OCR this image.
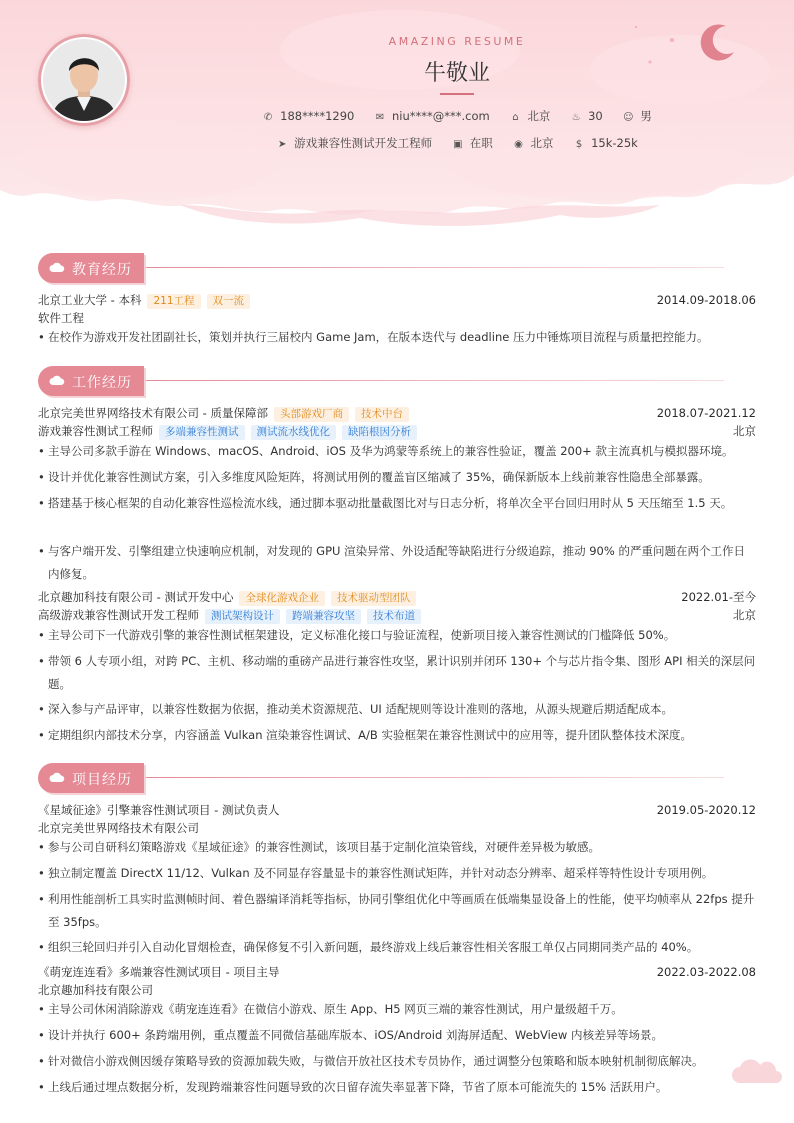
AMAZING RESUME
牛敬业
✆ 188****1290 ✉ niu****@***.com ⌂ 北京 ♨ 30 ☺ 男
➤ 游戏兼容性测试开发工程师 ▣ 在职 ◉ 北京 $ 15k-25k
教育经历
北京工业大学 - 本科 211工程 双一流	2014.09-2018.06
软件工程
• 在校作为游戏开发社团副社长，策划并执行三届校内 Game Jam，在版本迭代与 deadline 压力中锤炼项目流程与质量把控能力。
工作经历
北京完美世界网络技术有限公司 - 质量保障部 头部游戏厂商 技术中台	2018.07-2021.12
游戏兼容性测试工程师 多端兼容性测试 测试流水线优化 缺陷根因分析	北京
• 主导公司多款手游在 Windows、macOS、Android、iOS 及华为鸿蒙等系统上的兼容性验证，覆盖 200+ 款主流真机与模拟器环境。
• 设计并优化兼容性测试方案，引入多维度风险矩阵，将测试用例的覆盖盲区缩减了 35%，确保新版本上线前兼容性隐患全部暴露。
• 搭建基于核心框架的自动化兼容性巡检流水线，通过脚本驱动批量截图比对与日志分析，将单次全平台回归用时从 5 天压缩至 1.5 天。
• 与客户端开发、引擎组建立快速响应机制，对发现的 GPU 渲染异常、外设适配等缺陷进行分级追踪，推动 90% 的严重问题在两个工作日内修复。
北京趣加科技有限公司 - 测试开发中心 全球化游戏企业 技术驱动型团队	2022.01-至今
高级游戏兼容性测试开发工程师 测试架构设计 跨端兼容攻坚 技术布道	北京
• 主导公司下一代游戏引擎的兼容性测试框架建设，定义标准化接口与验证流程，使新项目接入兼容性测试的门槛降低 50%。
• 带领 6 人专项小组，对跨 PC、主机、移动端的重磅产品进行兼容性攻坚，累计识别并闭环 130+ 个与芯片指令集、图形 API 相关的深层问题。
• 深入参与产品评审，以兼容性数据为依据，推动美术资源规范、UI 适配规则等设计准则的落地，从源头规避后期适配成本。
• 定期组织内部技术分享，内容涵盖 Vulkan 渲染兼容性调试、A/B 实验框架在兼容性测试中的应用等，提升团队整体技术深度。
项目经历
《星域征途》引擎兼容性测试项目 - 测试负责人	2019.05-2020.12
北京完美世界网络技术有限公司
• 参与公司自研科幻策略游戏《星域征途》的兼容性测试，该项目基于定制化渲染管线，对硬件差异极为敏感。
• 独立制定覆盖 DirectX 11/12、Vulkan 及不同显存容量显卡的兼容性测试矩阵，并针对动态分辨率、超采样等特性设计专项用例。
• 利用性能剖析工具实时监测帧时间、着色器编译消耗等指标，协同引擎组优化中等画质在低端集显设备上的性能，使平均帧率从 22fps 提升至 35fps。
• 组织三轮回归并引入自动化冒烟检查，确保修复不引入新问题，最终游戏上线后兼容性相关客服工单仅占同期同类产品的 40%。
《萌宠连连看》多端兼容性测试项目 - 项目主导	2022.03-2022.08
北京趣加科技有限公司
• 主导公司休闲消除游戏《萌宠连连看》在微信小游戏、原生 App、H5 网页三端的兼容性测试，用户量级超千万。
• 设计并执行 600+ 条跨端用例，重点覆盖不同微信基础库版本、iOS/Android 刘海屏适配、WebView 内核差异等场景。
• 针对微信小游戏侧因缓存策略导致的资源加载失败，与微信开放社区技术专员协作，通过调整分包策略和版本映射机制彻底解决。
• 上线后通过埋点数据分析，发现跨端兼容性问题导致的次日留存流失率显著下降，节省了原本可能流失的 15% 活跃用户。
